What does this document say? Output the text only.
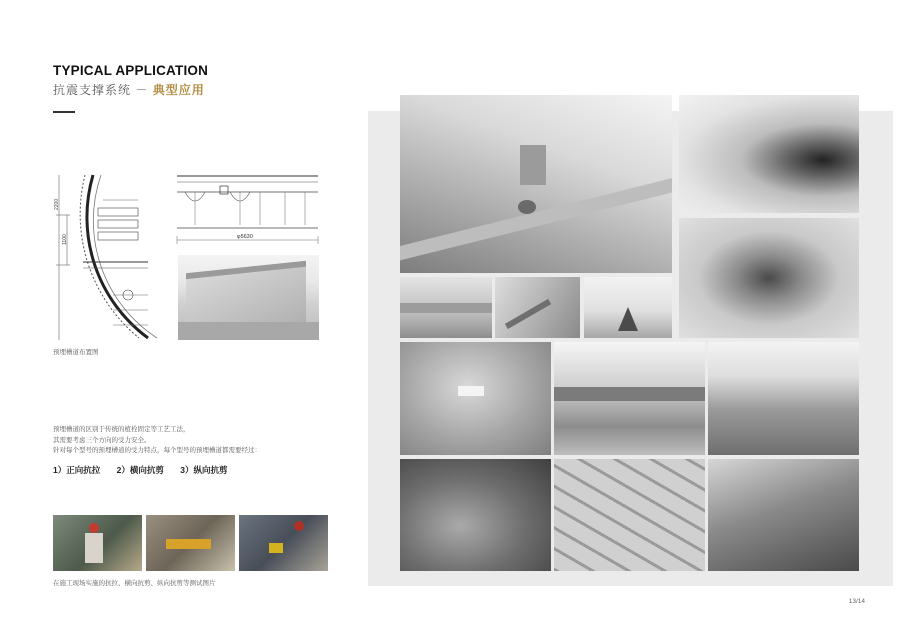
TYPICAL APPLICATION
抗震支撑系统 － 典型应用
2200
1100	φ5630
预埋槽道布置图
预埋槽道的区别于传统的植栓固定等工艺工法，
其需要考虑三个方向的受力安全。
针对每个型号的预埋槽道的受力特点，每个型号的预埋槽道都需要经过：
1）正向抗拉 2）横向抗剪 3）纵向抗剪
在施工现场实施的抗拉、横向抗剪、纵向抗剪等测试图片
13/14
